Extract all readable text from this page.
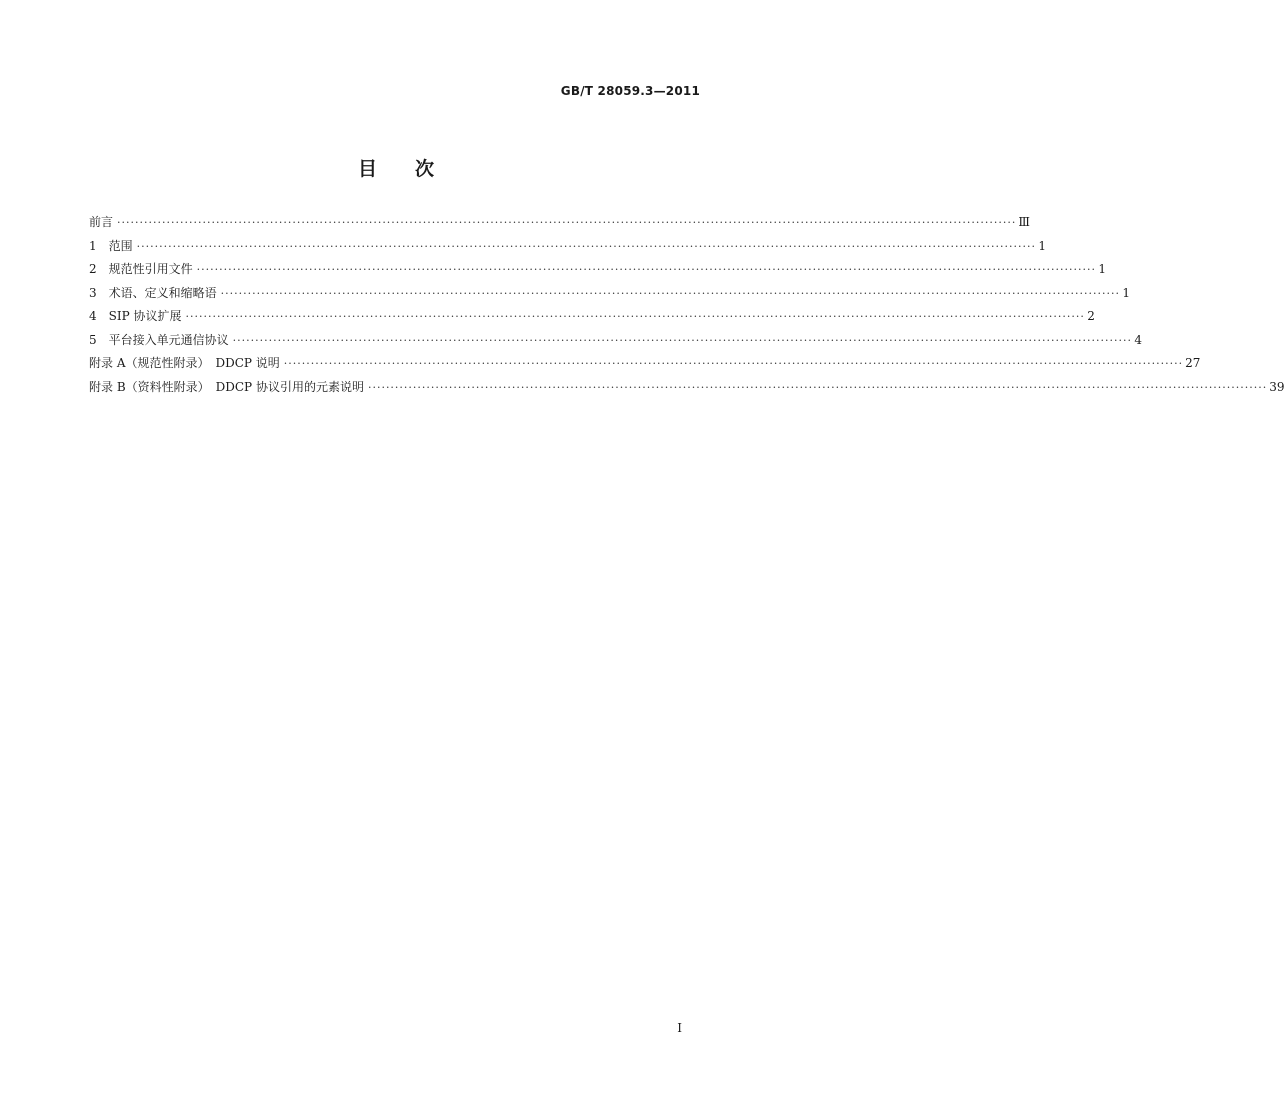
GB/T 28059.3—2011
目次
前言 ········································································································································································································ Ⅲ
1　范围 ········································································································································································································ 1
2　规范性引用文件 ········································································································································································································ 1
3　术语、定义和缩略语 ········································································································································································································ 1
4　SIP 协议扩展 ········································································································································································································ 2
5　平台接入单元通信协议 ········································································································································································································ 4
附录 A（规范性附录）　DDCP 说明 ········································································································································································································ 27
附录 B（资料性附录）　DDCP 协议引用的元素说明 ········································································································································································································ 39
I
